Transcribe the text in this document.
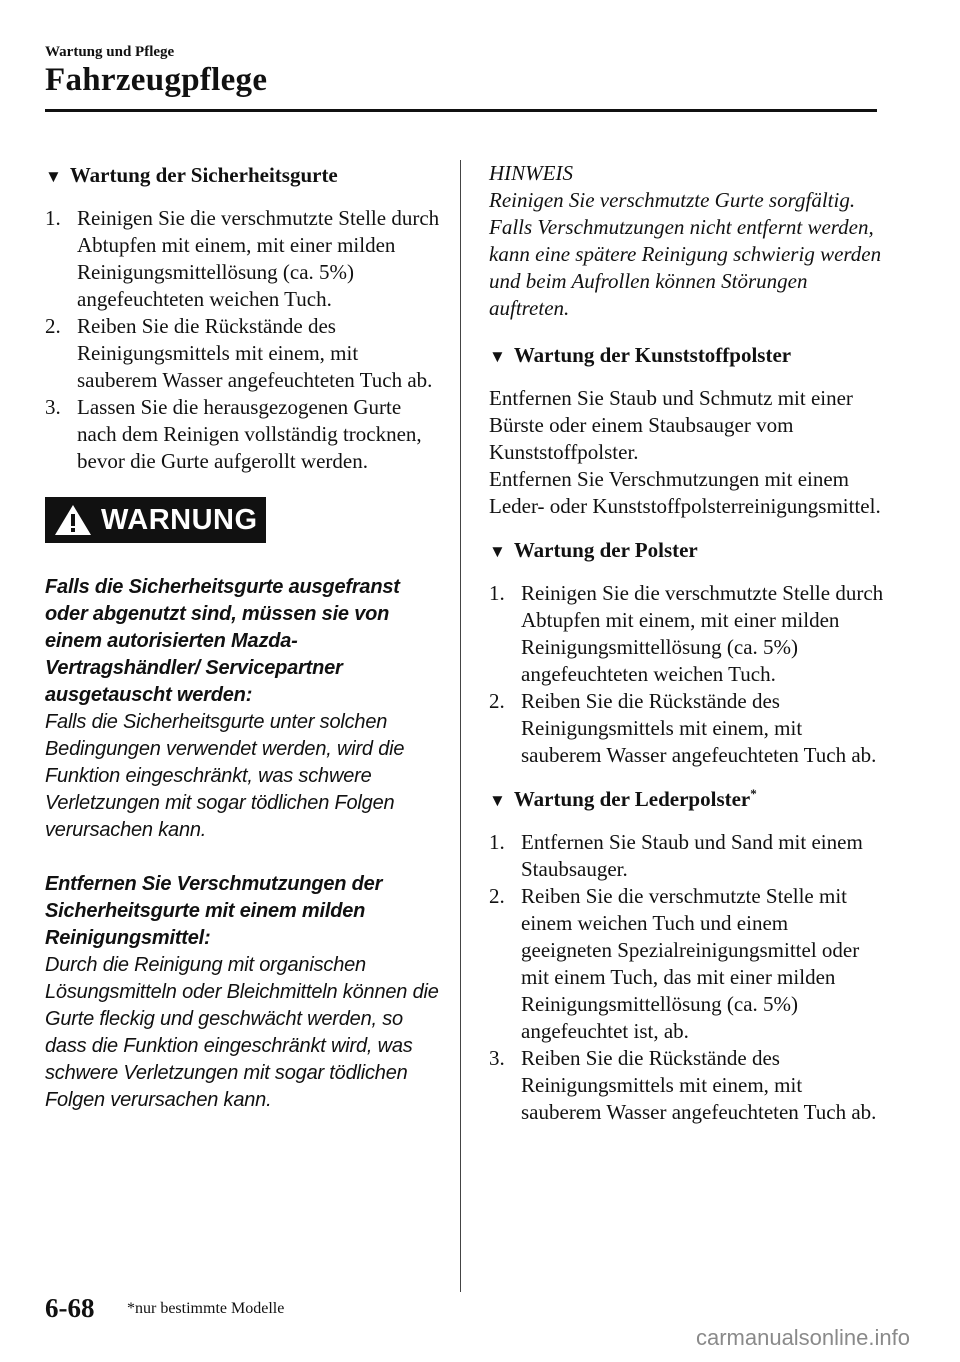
Wartung und Pflege
Fahrzeugpflege
▼ Wartung der Sicherheitsgurte
1. Reinigen Sie die verschmutzte Stelle durch Abtupfen mit einem, mit einer milden Reinigungsmittellösung (ca. 5%) angefeuchteten weichen Tuch.
2. Reiben Sie die Rückstände des Reinigungsmittels mit einem, mit sauberem Wasser angefeuchteten Tuch ab.
3. Lassen Sie die herausgezogenen Gurte nach dem Reinigen vollständig trocknen, bevor die Gurte aufgerollt werden.
WARNUNG

Falls die Sicherheitsgurte ausgefranst oder abgenutzt sind, müssen sie von einem autorisierten Mazda-Vertragshändler/ Servicepartner ausgetauscht werden:

Falls die Sicherheitsgurte unter solchen Bedingungen verwendet werden, wird die Funktion eingeschränkt, was schwere Verletzungen mit sogar tödlichen Folgen verursachen kann.

Entfernen Sie Verschmutzungen der Sicherheitsgurte mit einem milden Reinigungsmittel:

Durch die Reinigung mit organischen Lösungsmitteln oder Bleichmitteln können die Gurte fleckig und geschwächt werden, so dass die Funktion eingeschränkt wird, was schwere Verletzungen mit sogar tödlichen Folgen verursachen kann.

HINWEIS

Reinigen Sie verschmutzte Gurte sorgfältig. Falls Verschmutzungen nicht entfernt werden, kann eine spätere Reinigung schwierig werden und beim Aufrollen können Störungen auftreten.

▼ Wartung der Kunststoffpolster

Entfernen Sie Staub und Schmutz mit einer Bürste oder einem Staubsauger vom Kunststoffpolster.

Entfernen Sie Verschmutzungen mit einem Leder- oder Kunststoffpolsterreinigungsmittel.

▼ Wartung der Polster
1. Reinigen Sie die verschmutzte Stelle durch Abtupfen mit einem, mit einer milden Reinigungsmittellösung (ca. 5%) angefeuchteten weichen Tuch.
2. Reiben Sie die Rückstände des Reinigungsmittels mit einem, mit sauberem Wasser angefeuchteten Tuch ab.
▼ Wartung der Lederpolster*
1. Entfernen Sie Staub und Sand mit einem Staubsauger.
2. Reiben Sie die verschmutzte Stelle mit einem weichen Tuch und einem geeigneten Spezialreinigungsmittel oder mit einem Tuch, das mit einer milden Reinigungsmittellösung (ca. 5%) angefeuchtet ist, ab.
3. Reiben Sie die Rückstände des Reinigungsmittels mit einem, mit sauberem Wasser angefeuchteten Tuch ab.
6-68 *nur bestimmte Modelle
carmanualsonline.info
